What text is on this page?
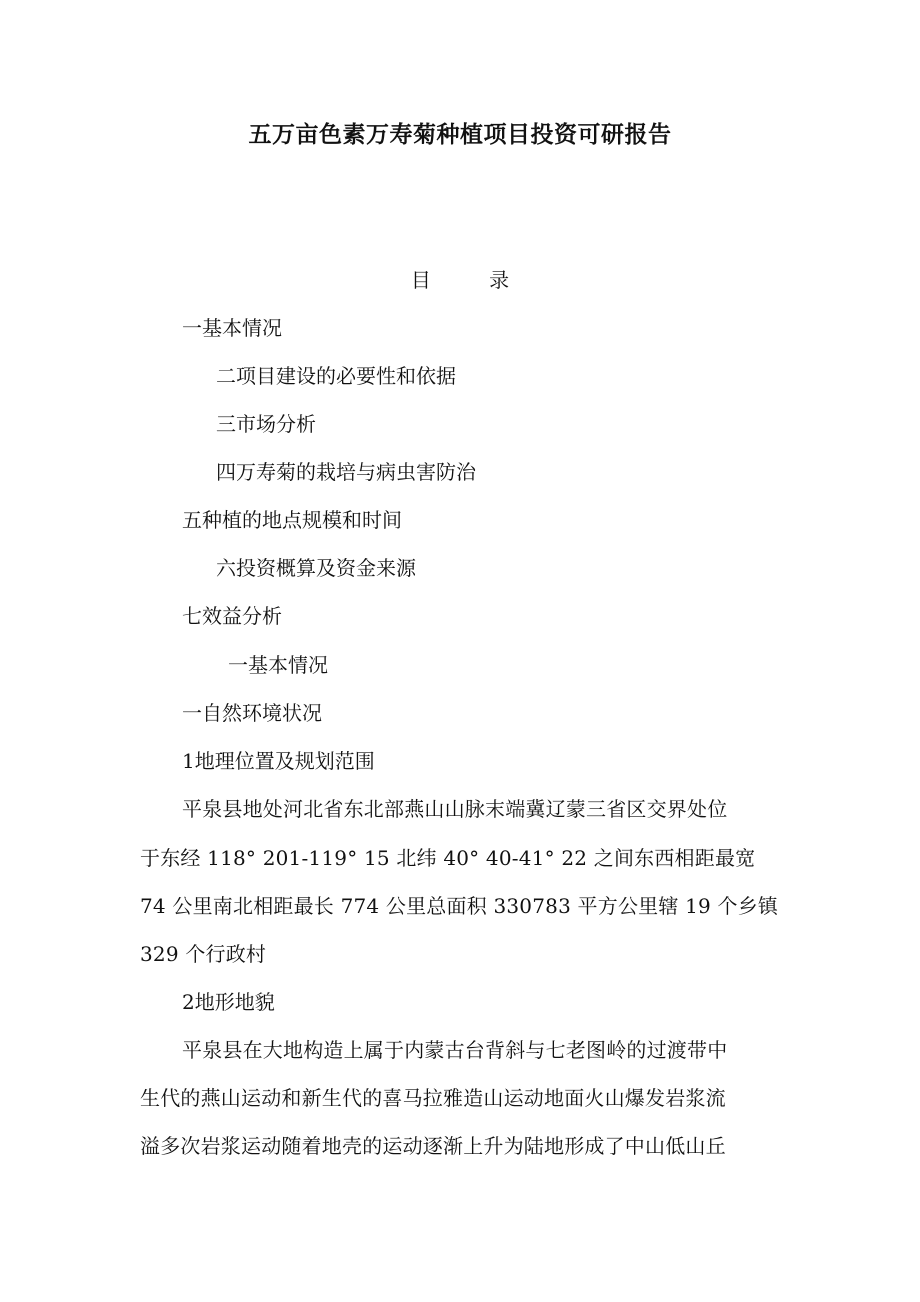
五万亩色素万寿菊种植项目投资可研报告
目 录
一基本情况
二项目建设的必要性和依据
三市场分析
四万寿菊的栽培与病虫害防治
五种植的地点规模和时间
六投资概算及资金来源
七效益分析
一基本情况
一自然环境状况
1地理位置及规划范围
平泉县地处河北省东北部燕山山脉末端冀辽蒙三省区交界处位
于东经 118° 201-119° 15 北纬 40° 40-41° 22 之间东西相距最宽
74 公里南北相距最长 774 公里总面积 330783 平方公里辖 19 个乡镇
329 个行政村
2地形地貌
平泉县在大地构造上属于内蒙古台背斜与七老图岭的过渡带中
生代的燕山运动和新生代的喜马拉雅造山运动地面火山爆发岩浆流
溢多次岩浆运动随着地壳的运动逐渐上升为陆地形成了中山低山丘
